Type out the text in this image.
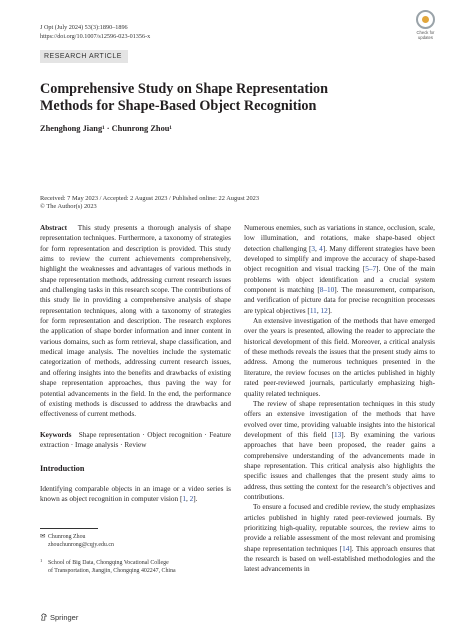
J Opt (July 2024) 53(3):1890–1896
https://doi.org/10.1007/s12596-023-01356-x
RESEARCH ARTICLE
Check for
updates
Comprehensive Study on Shape Representation Methods for Shape-Based Object Recognition
Zhenghong Jiang¹ · Chunrong Zhou¹
Received: 7 May 2023 / Accepted: 2 August 2023 / Published online: 22 August 2023
© The Author(s) 2023

Abstract This study presents a thorough analysis of shape representation techniques. Furthermore, a taxonomy of strategies for form representation and description is provided. This study aims to review the current achievements comprehensively, highlight the weaknesses and advantages of various methods in shape representation methods, addressing current research issues and challenging tasks in this research scope. The contributions of this study lie in providing a comprehensive analysis of shape representation techniques, along with a taxonomy of strategies for form representation and description. The research explores the application of shape border information and inner content in various domains, such as form retrieval, shape classification, and medical image analysis. The novelties include the systematic categorization of methods, addressing current research issues, and offering insights into the benefits and drawbacks of existing shape representation approaches, thus paving the way for potential advancements in the field. In the end, the performance of existing methods is discussed to address the drawbacks and effectiveness of current methods.

Keywords Shape representation · Object recognition · Feature extraction · Image analysis · Review

Introduction

Identifying comparable objects in an image or a video series is known as object recognition in computer vision [1, 2].

✉ Chunrong Zhou
zhouchunrong@cqjy.edu.cn
1 School of Big Data, Chongqing Vocational College
of Transportation, Jiangjin, Chongqing 402247, China
Springer

Numerous enemies, such as variations in stance, occlusion, scale, low illumination, and rotations, make shape-based object detection challenging [3, 4]. Many different strategies have been developed to simplify and improve the accuracy of shape-based object recognition and visual tracking [5–7]. One of the main problems with object identification and a crucial system component is matching [8–10]. The measurement, comparison, and verification of picture data for precise recognition processes are typical objectives [11, 12].

An extensive investigation of the methods that have emerged over the years is presented, allowing the reader to appreciate the historical development of this field. Moreover, a critical analysis of these methods reveals the issues that the present study aims to address. Among the numerous techniques presented in the literature, the review focuses on the articles published in highly rated peer-reviewed journals, particularly emphasizing high-quality related techniques.

The review of shape representation techniques in this study offers an extensive investigation of the methods that have evolved over time, providing valuable insights into the historical development of this field [13]. By examining the various approaches that have been proposed, the reader gains a comprehensive understanding of the advancements made in shape representation. This critical analysis also highlights the specific issues and challenges that the present study aims to address, thus setting the context for the research’s objectives and contributions.

To ensure a focused and credible review, the study emphasizes articles published in highly rated peer-reviewed journals. By prioritizing high-quality, reputable sources, the review aims to provide a reliable assessment of the most relevant and promising shape representation techniques [14]. This approach ensures that the research is based on well-established methodologies and the latest advancements in
